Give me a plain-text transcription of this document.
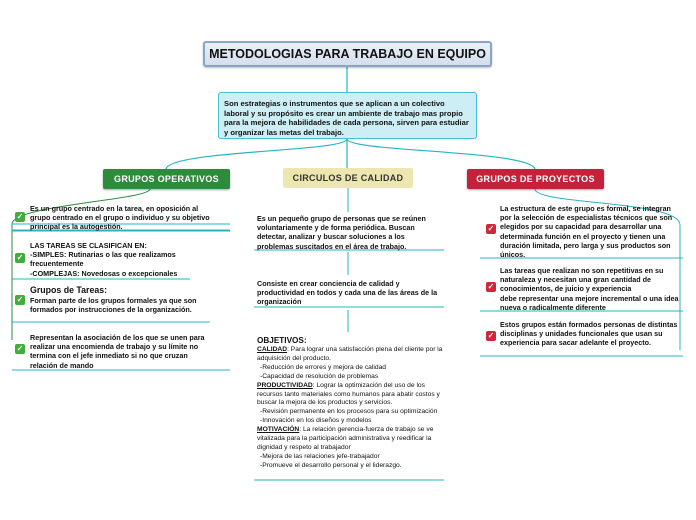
METODOLOGIAS PARA TRABAJO EN EQUIPO
Son estrategias o instrumentos que se aplican a un colectivo laboral y su propósito es crear un ambiente de trabajo mas propio para la mejora de habilidades de cada persona, sirven para estudiar y organizar las metas del trabajo.
GRUPOS OPERATIVOS	CIRCULOS DE CALIDAD	GRUPOS DE PROYECTOS
✓
Es un grupo centrado en la tarea, en oposición al grupo centrado en el grupo o individuo y su objetivo principal es la autogestión.
✓
LAS TAREAS SE CLASIFICAN EN:
-SIMPLES: Rutinarias o las que realizamos frecuentemente
-COMPLEJAS: Novedosas o excepcionales
✓
Grupos de Tareas:
Forman parte de los grupos formales ya que son formados por instrucciones de la organización.
✓
Representan la asociación de los que se unen para realizar una encomienda de trabajo y su límite no termina con el jefe inmediato si no que cruzan relación de mando
Es un pequeño grupo de personas que se reúnen voluntariamente y de forma periódica. Buscan detectar, analizar y buscar soluciones a los problemas suscitados en el área de trabajo.
Consiste en crear conciencia de calidad y productividad en todos y cada una de las áreas de la organización
OBJETIVOS:
CALIDAD: Para lograr una satisfacción plena del cliente por la adquisición del producto.
-Reducción de errores y mejora de calidad
-Capacidad de resolución de problemas
PRODUCTIVIDAD: Lograr la optimización del uso de los recursos tanto materiales como humanos para abatir costos y buscar la mejora de los productos y servicios.
-Revisión permanente en los procesos para su optimización
-Innovación en los diseños y modelos
MOTIVACIÓN: La relación gerencia-fuerza de trabajo se ve vitalizada para la participación administrativa y reedificar la dignidad y respeto al trabajador
-Mejora de las relaciones jefe-trabajador
-Promueve el desarrollo personal y el liderazgo.
✓
La estructura de este grupo es formal, se integran por la selección de especialistas técnicos que son elegidos por su capacidad para desarrollar una determinada función en el proyecto y tienen una duración limitada, pero larga y sus productos son únicos.
✓
Las tareas que realizan no son repetitivas en su naturaleza y necesitan una gran cantidad de conocimientos, de juicio y experiencia
debe representar una mejore incremental o una idea nueva o radicalmente diferente
✓
Estos grupos están formados personas de distintas disciplinas y unidades funcionales que usan su experiencia para sacar adelante el proyecto.
